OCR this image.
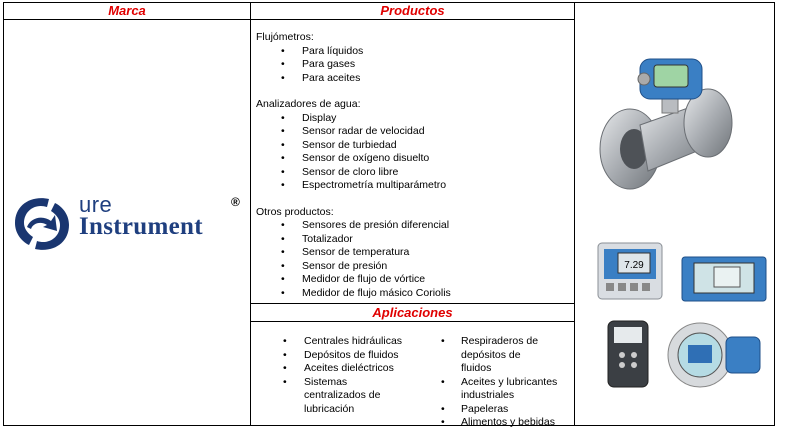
Marca	Productos
Aplicaciones
ure
Instrument
®
Flujómetros:
• Para líquidos
• Para gases
• Para aceites
Analizadores de agua:
• Display
• Sensor radar de velocidad
• Sensor de turbiedad
• Sensor de oxígeno disuelto
• Sensor de cloro libre
• Espectrometría multiparámetro
Otros productos:
• Sensores de presión diferencial
• Totalizador
• Sensor de temperatura
• Sensor de presión
• Medidor de flujo de vórtice
• Medidor de flujo másico Coriolis
• Centrales hidráulicas
• Depósitos de fluidos
• Aceites dieléctricos
• Sistemas centralizados de lubricación
• Respiraderos de depósitos de fluidos
• Aceites y lubricantes industriales
• Papeleras
• Alimentos y bebidas
7.29
